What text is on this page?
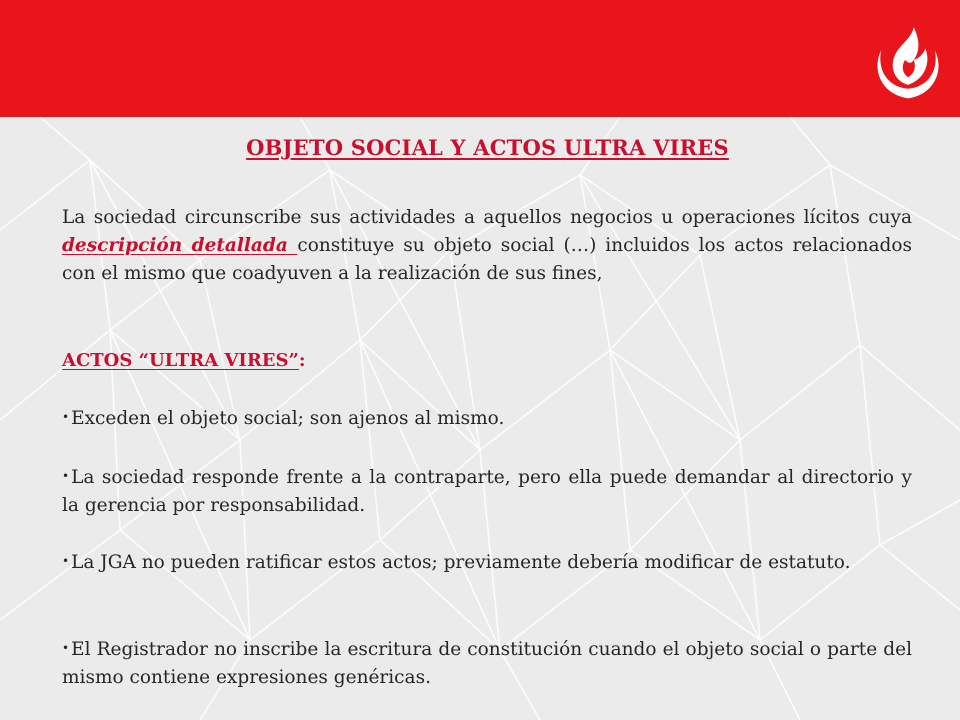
OBJETO SOCIAL Y ACTOS ULTRA VIRES

La sociedad circunscribe sus actividades a aquellos negocios u operaciones lícitos cuya descripción detallada constituye su objeto social (…) incluidos los actos relacionados con el mismo que coadyuven a la realización de sus fines,

ACTOS “ULTRA VIRES”:

• Exceden el objeto social; son ajenos al mismo.

• La sociedad responde frente a la contraparte, pero ella puede demandar al directorio y la gerencia por responsabilidad.

• La JGA no pueden ratificar estos actos; previamente debería modificar de estatuto.

• El Registrador no inscribe la escritura de constitución cuando el objeto social o parte del mismo contiene expresiones genéricas.
